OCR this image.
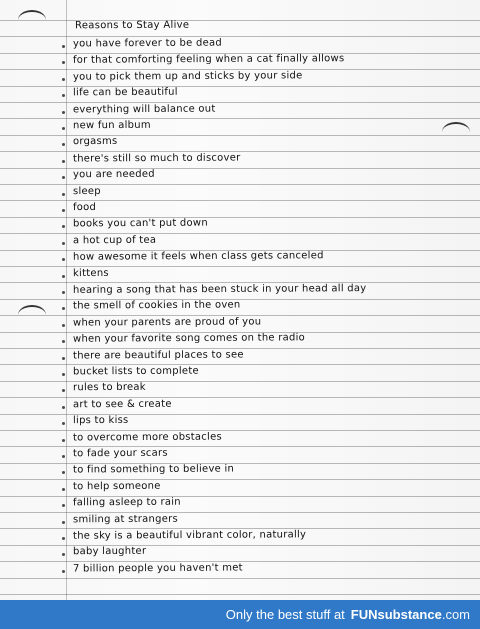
Reasons to Stay Alive
you have forever to be dead
for that comforting feeling when a cat finally allows
you to pick them up and sticks by your side
life can be beautiful
everything will balance out
new fun album
orgasms
there's still so much to discover
you are needed
sleep
food
books you can't put down
a hot cup of tea
how awesome it feels when class gets canceled
kittens
hearing a song that has been stuck in your head all day
the smell of cookies in the oven
when your parents are proud of you
when your favorite song comes on the radio
there are beautiful places to see
bucket lists to complete
rules to break
art to see & create
lips to kiss
to overcome more obstacles
to fade your scars
to find something to believe in
to help someone
falling asleep to rain
smiling at strangers
the sky is a beautiful vibrant color, naturally
baby laughter
7 billion people you haven't met
Only the best stuff at FUNsubstance.com
